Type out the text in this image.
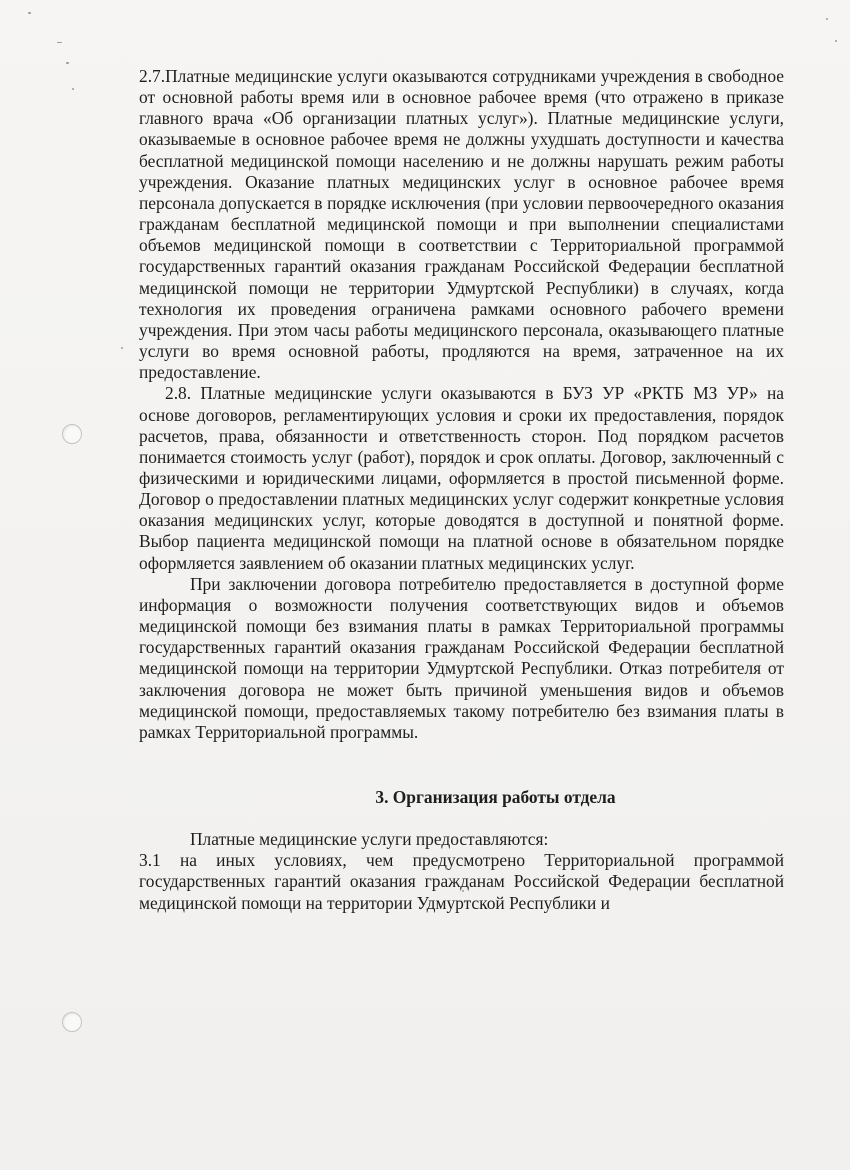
2.7.Платные медицинские услуги оказываются сотрудниками учреждения в свободное от основной работы время или в основное рабочее время (что отражено в приказе главного врача «Об организации платных услуг»). Платные медицинские услуги, оказываемые в основное рабочее время не должны ухудшать доступности и качества бесплатной медицинской помощи населению и не должны нарушать режим работы учреждения. Оказание платных медицинских услуг в основное рабочее время персонала допускается в порядке исключения (при условии первоочередного оказания гражданам бесплатной медицинской помощи и при выполнении специалистами объемов медицинской помощи в соответствии с Территориальной программой государственных гарантий оказания гражданам Российской Федерации бесплатной медицинской помощи не территории Удмуртской Республики) в случаях, когда технология их проведения ограничена рамками основного рабочего времени учреждения. При этом часы работы медицинского персонала, оказывающего платные услуги во время основной работы, продляются на время, затраченное на их предоставление.

2.8. Платные медицинские услуги оказываются в БУЗ УР «РКТБ МЗ УР» на основе договоров, регламентирующих условия и сроки их предоставления, порядок расчетов, права, обязанности и ответственность сторон. Под порядком расчетов понимается стоимость услуг (работ), порядок и срок оплаты. Договор, заключенный с физическими и юридическими лицами, оформляется в простой письменной форме. Договор о предоставлении платных медицинских услуг содержит конкретные условия оказания медицинских услуг, которые доводятся в доступной и понятной форме. Выбор пациента медицинской помощи на платной основе в обязательном порядке оформляется заявлением об оказании платных медицинских услуг.

При заключении договора потребителю предоставляется в доступной форме информация о возможности получения соответствующих видов и объемов медицинской помощи без взимания платы в рамках Территориальной программы государственных гарантий оказания гражданам Российской Федерации бесплатной медицинской помощи на территории Удмуртской Республики. Отказ потребителя от заключения договора не может быть причиной уменьшения видов и объемов медицинской помощи, предоставляемых такому потребителю без взимания платы в рамках Территориальной программы.

3. Организация работы отдела

Платные медицинские услуги предоставляются:

3.1 на иных условиях, чем предусмотрено Территориальной программой государственных гарантий оказания гражданам Российской Федерации бесплатной медицинской помощи на территории Удмуртской Республики и
